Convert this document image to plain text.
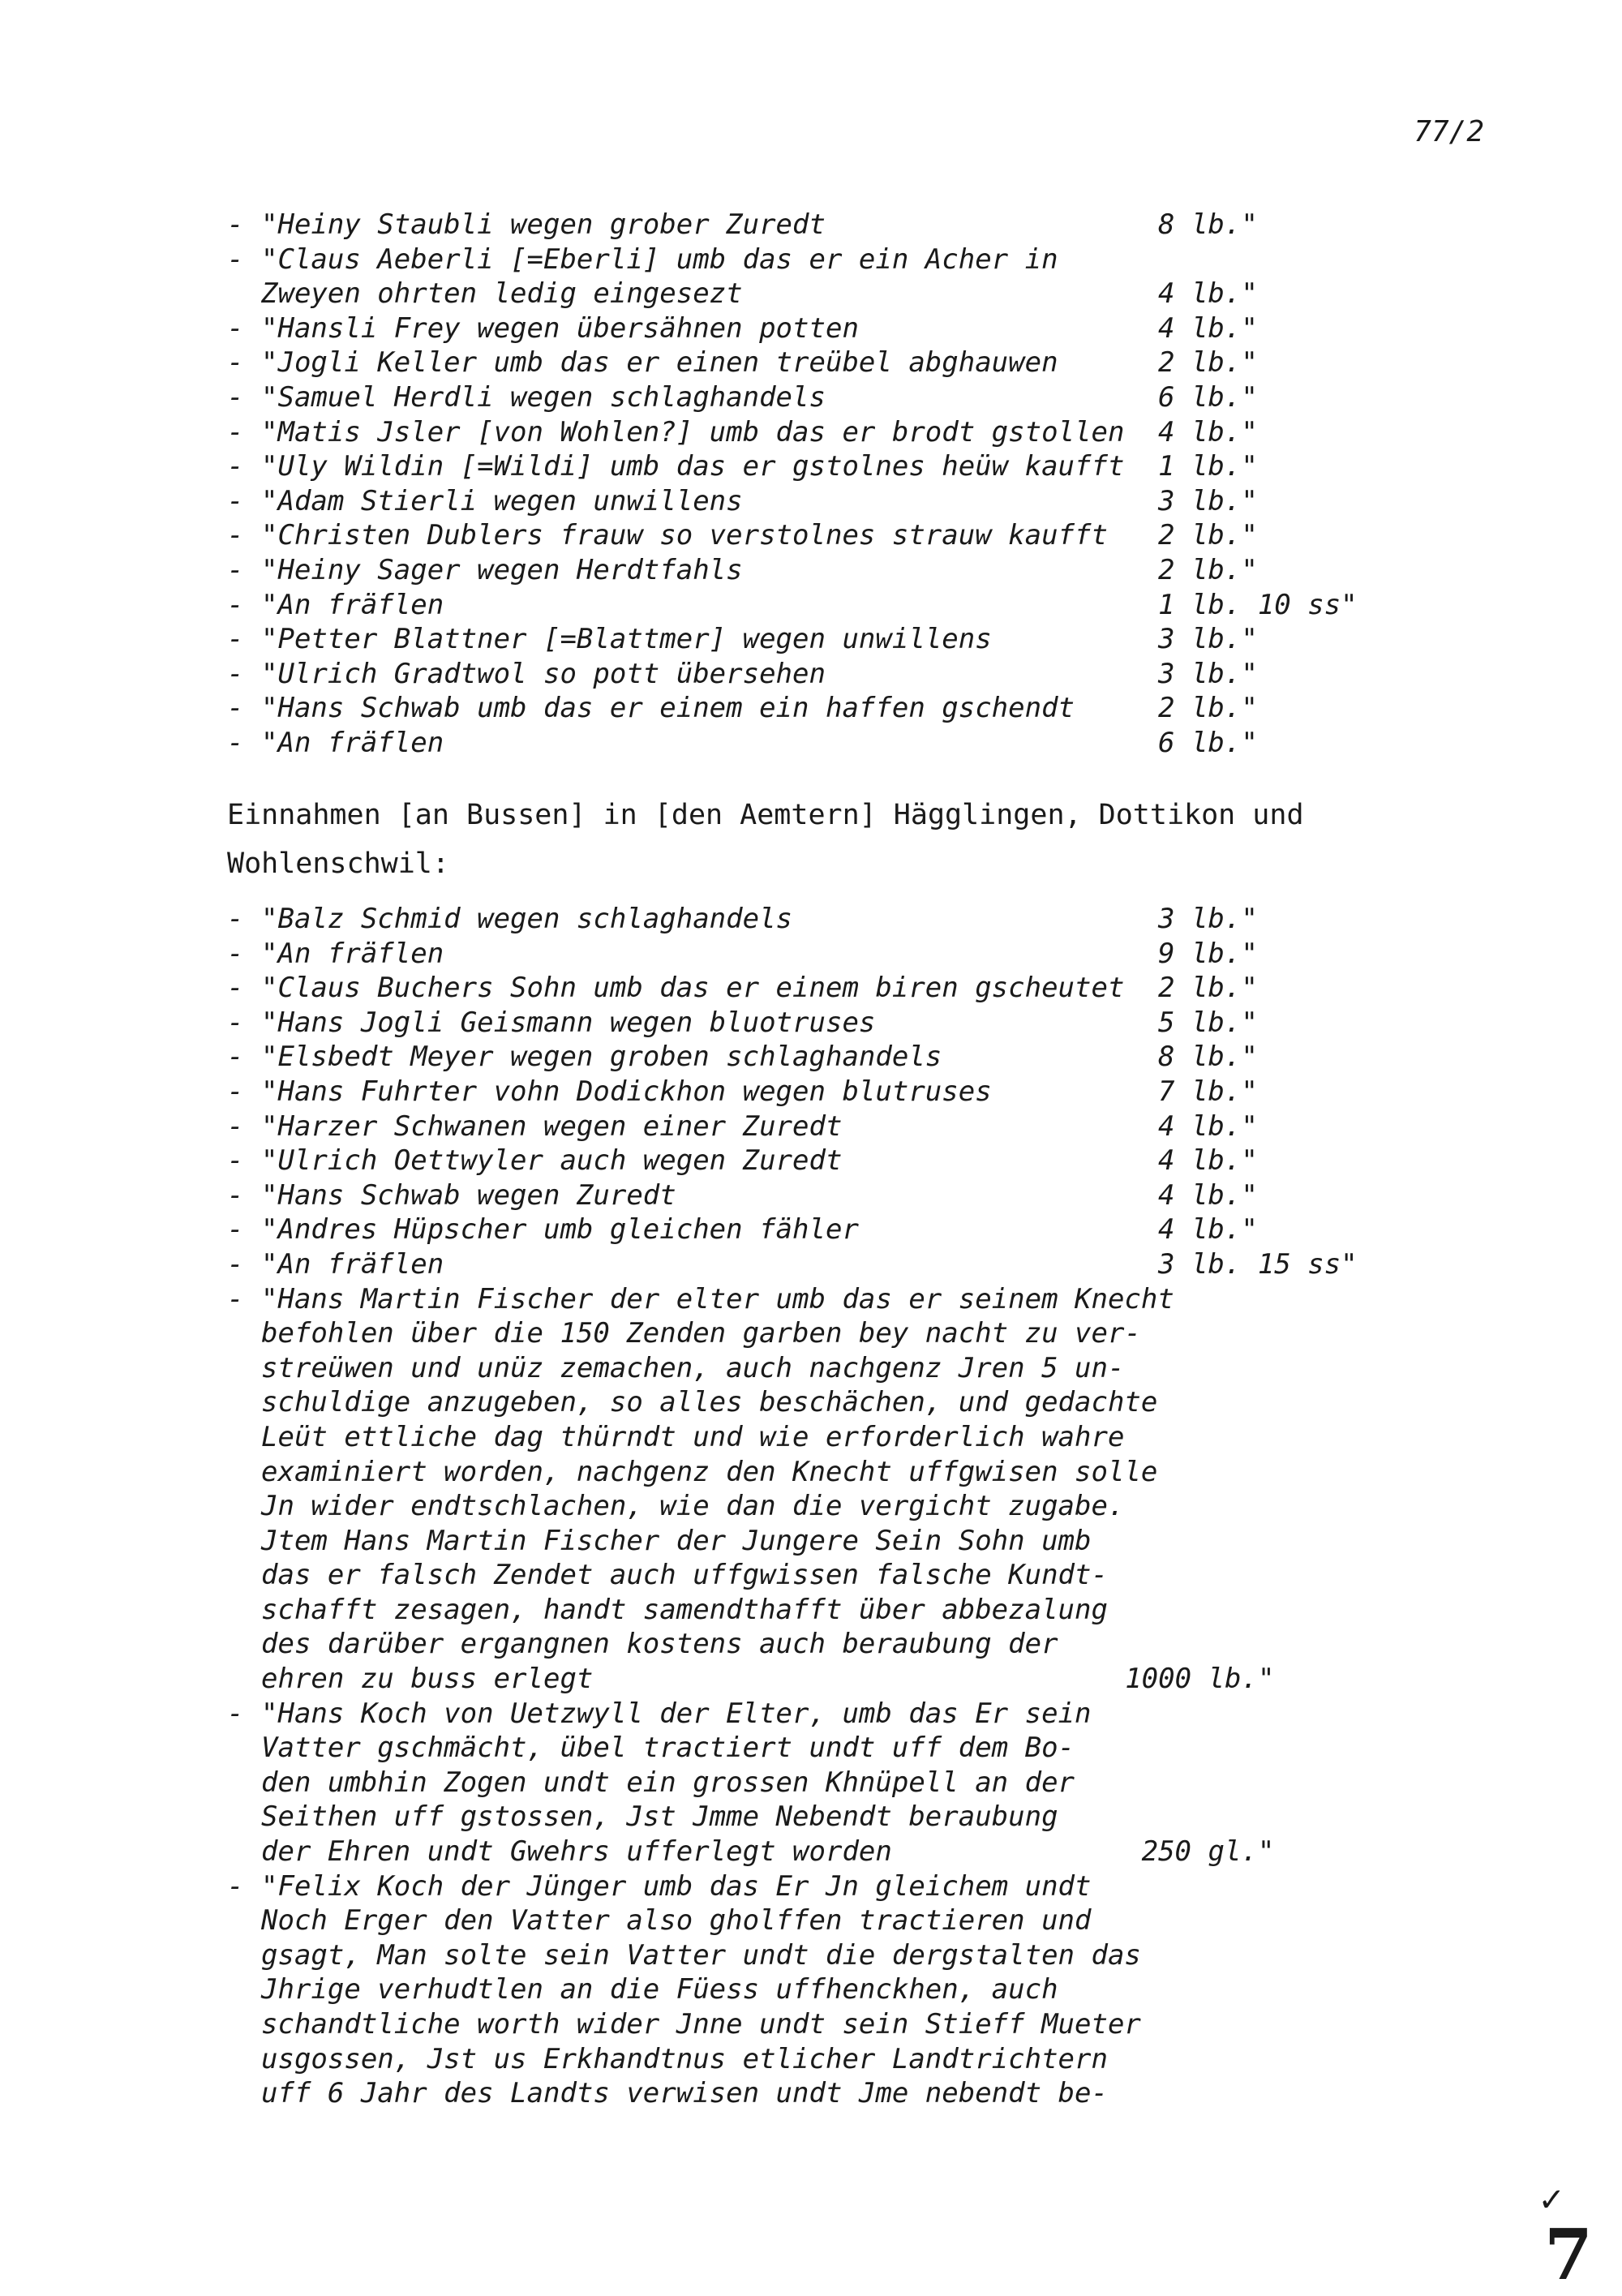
77/2
- "Heiny Staubli wegen grober Zuredt	8 lb."
- "Claus Aeberli [=Eberli] umb das er ein Acher in
Zweyen ohrten ledig eingesezt	4 lb."
- "Hansli Frey wegen übersähnen potten	4 lb."
- "Jogli Keller umb das er einen treübel abghauwen	2 lb."
- "Samuel Herdli wegen schlaghandels	6 lb."
- "Matis Jsler [von Wohlen?] umb das er brodt gstollen	4 lb."
- "Uly Wildin [=Wildi] umb das er gstolnes heüw kaufft	1 lb."
- "Adam Stierli wegen unwillens	3 lb."
- "Christen Dublers frauw so verstolnes strauw kaufft	2 lb."
- "Heiny Sager wegen Herdtfahls	2 lb."
- "An fräflen	1 lb. 10 ss"
- "Petter Blattner [=Blattmer] wegen unwillens	3 lb."
- "Ulrich Gradtwol so pott übersehen	3 lb."
- "Hans Schwab umb das er einem ein haffen gschendt	2 lb."
- "An fräflen	6 lb."
Einnahmen [an Bussen] in [den Aemtern] Hägglingen, Dottikon und
Wohlenschwil:
- "Balz Schmid wegen schlaghandels	3 lb."
- "An fräflen	9 lb."
- "Claus Buchers Sohn umb das er einem biren gscheutet	2 lb."
- "Hans Jogli Geismann wegen bluotruses	5 lb."
- "Elsbedt Meyer wegen groben schlaghandels	8 lb."
- "Hans Fuhrter vohn Dodickhon wegen blutruses	7 lb."
- "Harzer Schwanen wegen einer Zuredt	4 lb."
- "Ulrich Oettwyler auch wegen Zuredt	4 lb."
- "Hans Schwab wegen Zuredt	4 lb."
- "Andres Hüpscher umb gleichen fähler	4 lb."
- "An fräflen	3 lb. 15 ss"
- "Hans Martin Fischer der elter umb das er seinem Knecht
befohlen über die 150 Zenden garben bey nacht zu ver-
streüwen und unüz zemachen, auch nachgenz Jren 5 un-
schuldige anzugeben, so alles beschächen, und gedachte
Leüt ettliche dag thürndt und wie erforderlich wahre
examiniert worden, nachgenz den Knecht uffgwisen solle
Jn wider endtschlachen, wie dan die vergicht zugabe.
Jtem Hans Martin Fischer der Jungere Sein Sohn umb
das er falsch Zendet auch uffgwissen falsche Kundt-
schafft zesagen, handt samendthafft über abbezalung
des darüber ergangnen kostens auch beraubung der
ehren zu buss erlegt	1000 lb."
- "Hans Koch von Uetzwyll der Elter, umb das Er sein
Vatter gschmächt, übel tractiert undt uff dem Bo-
den umbhin Zogen undt ein grossen Khnüpell an der
Seithen uff gstossen, Jst Jmme Nebendt beraubung
der Ehren undt Gwehrs ufferlegt worden	250 gl."
- "Felix Koch der Jünger umb das Er Jn gleichem undt
Noch Erger den Vatter also gholffen tractieren und
gsagt, Man solte sein Vatter undt die dergstalten das
Jhrige verhudtlen an die Füess uffhenckhen, auch
schandtliche worth wider Jnne undt sein Stieff Mueter
usgossen, Jst us Erkhandtnus etlicher Landtrichtern
uff 6 Jahr des Landts verwisen undt Jme nebendt be-
✓
7
